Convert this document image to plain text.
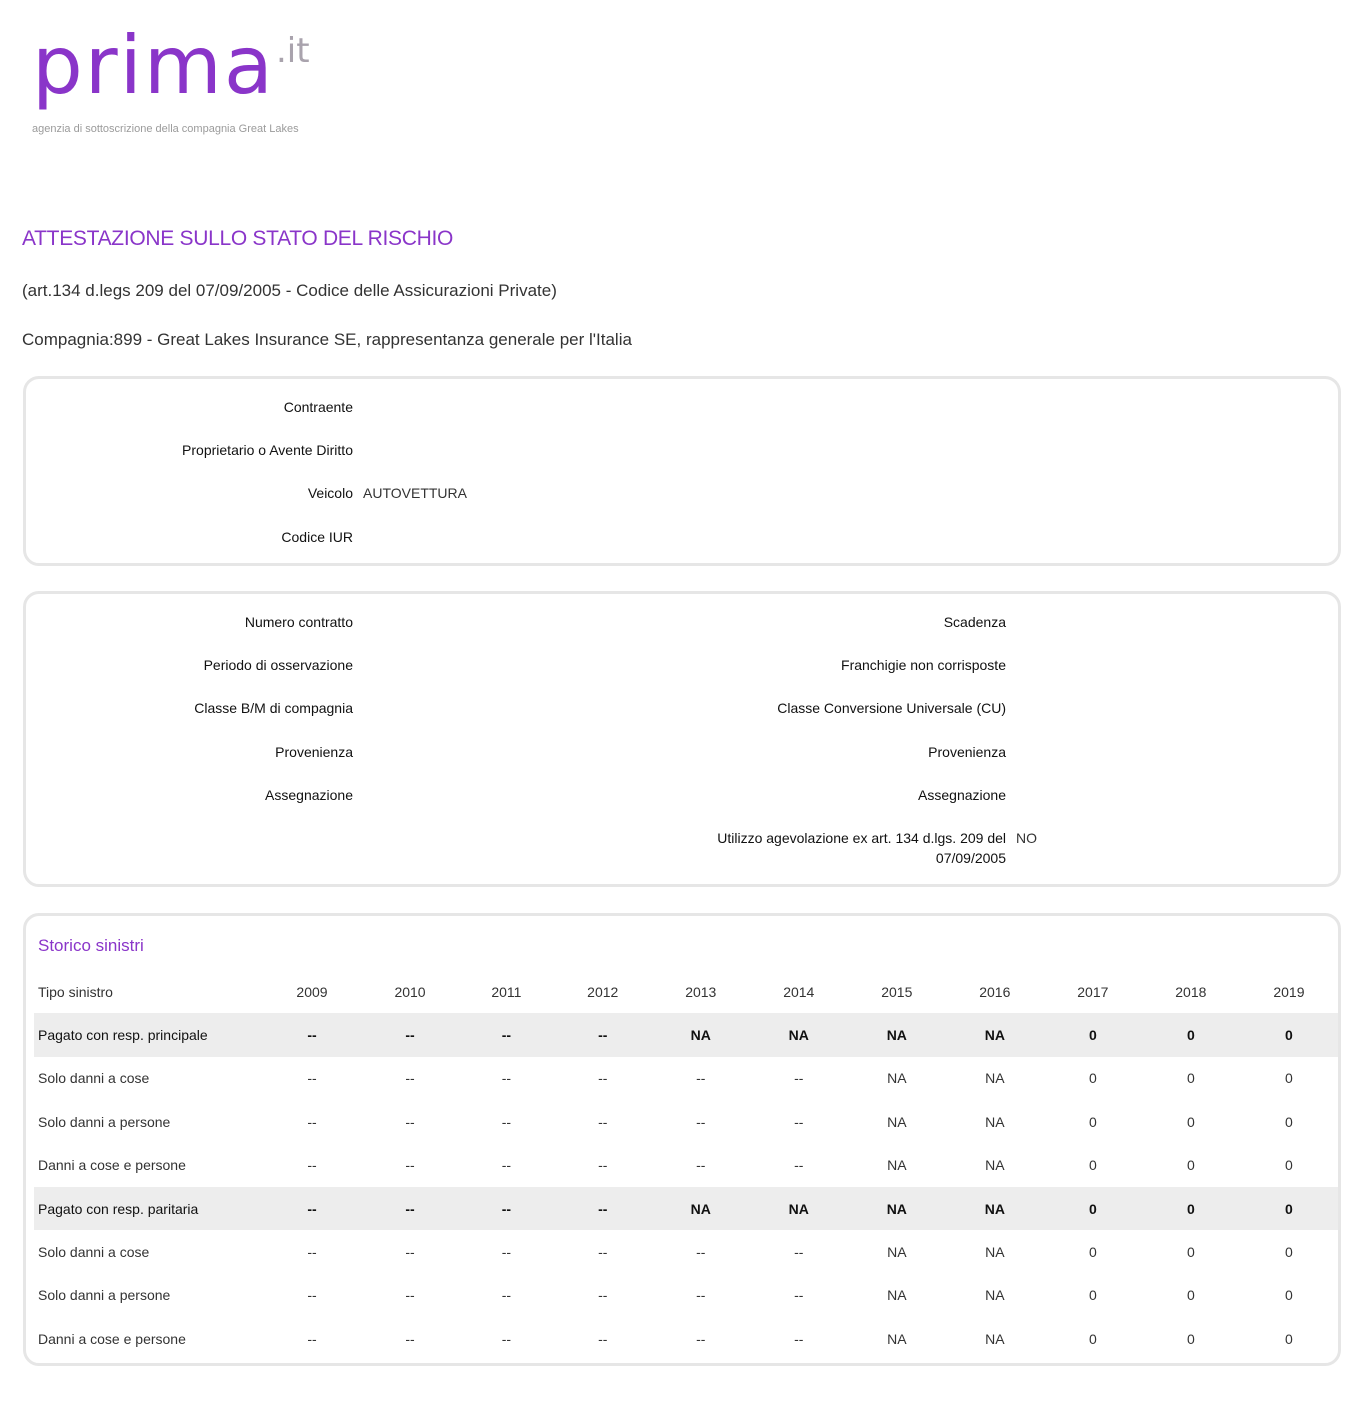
prima .it
agenzia di sottoscrizione della compagnia Great Lakes
ATTESTAZIONE SULLO STATO DEL RISCHIO
(art.134 d.legs 209 del 07/09/2005 - Codice delle Assicurazioni Private)
Compagnia:899 - Great Lakes Insurance SE, rappresentanza generale per l'Italia
Contraente
Proprietario o Avente Diritto
Veicolo AUTOVETTURA
Codice IUR
Numero contratto
Periodo di osservazione
Classe B/M di compagnia
Provenienza
Assegnazione
Scadenza
Franchigie non corrisposte
Classe Conversione Universale (CU)
Provenienza
Assegnazione
Utilizzo agevolazione ex art. 134 d.lgs. 209 del
07/09/2005
NO
Storico sinistri
Tipo sinistro	2009	2010	2011	2012	2013	2014	2015	2016	2017	2018	2019
Pagato con resp. principale	--	--	--	--	NA	NA	NA	NA	0	0	0
Solo danni a cose	--	--	--	--	--	--	NA	NA	0	0	0
Solo danni a persone	--	--	--	--	--	--	NA	NA	0	0	0
Danni a cose e persone	--	--	--	--	--	--	NA	NA	0	0	0
Pagato con resp. paritaria	--	--	--	--	NA	NA	NA	NA	0	0	0
Solo danni a cose	--	--	--	--	--	--	NA	NA	0	0	0
Solo danni a persone	--	--	--	--	--	--	NA	NA	0	0	0
Danni a cose e persone	--	--	--	--	--	--	NA	NA	0	0	0
